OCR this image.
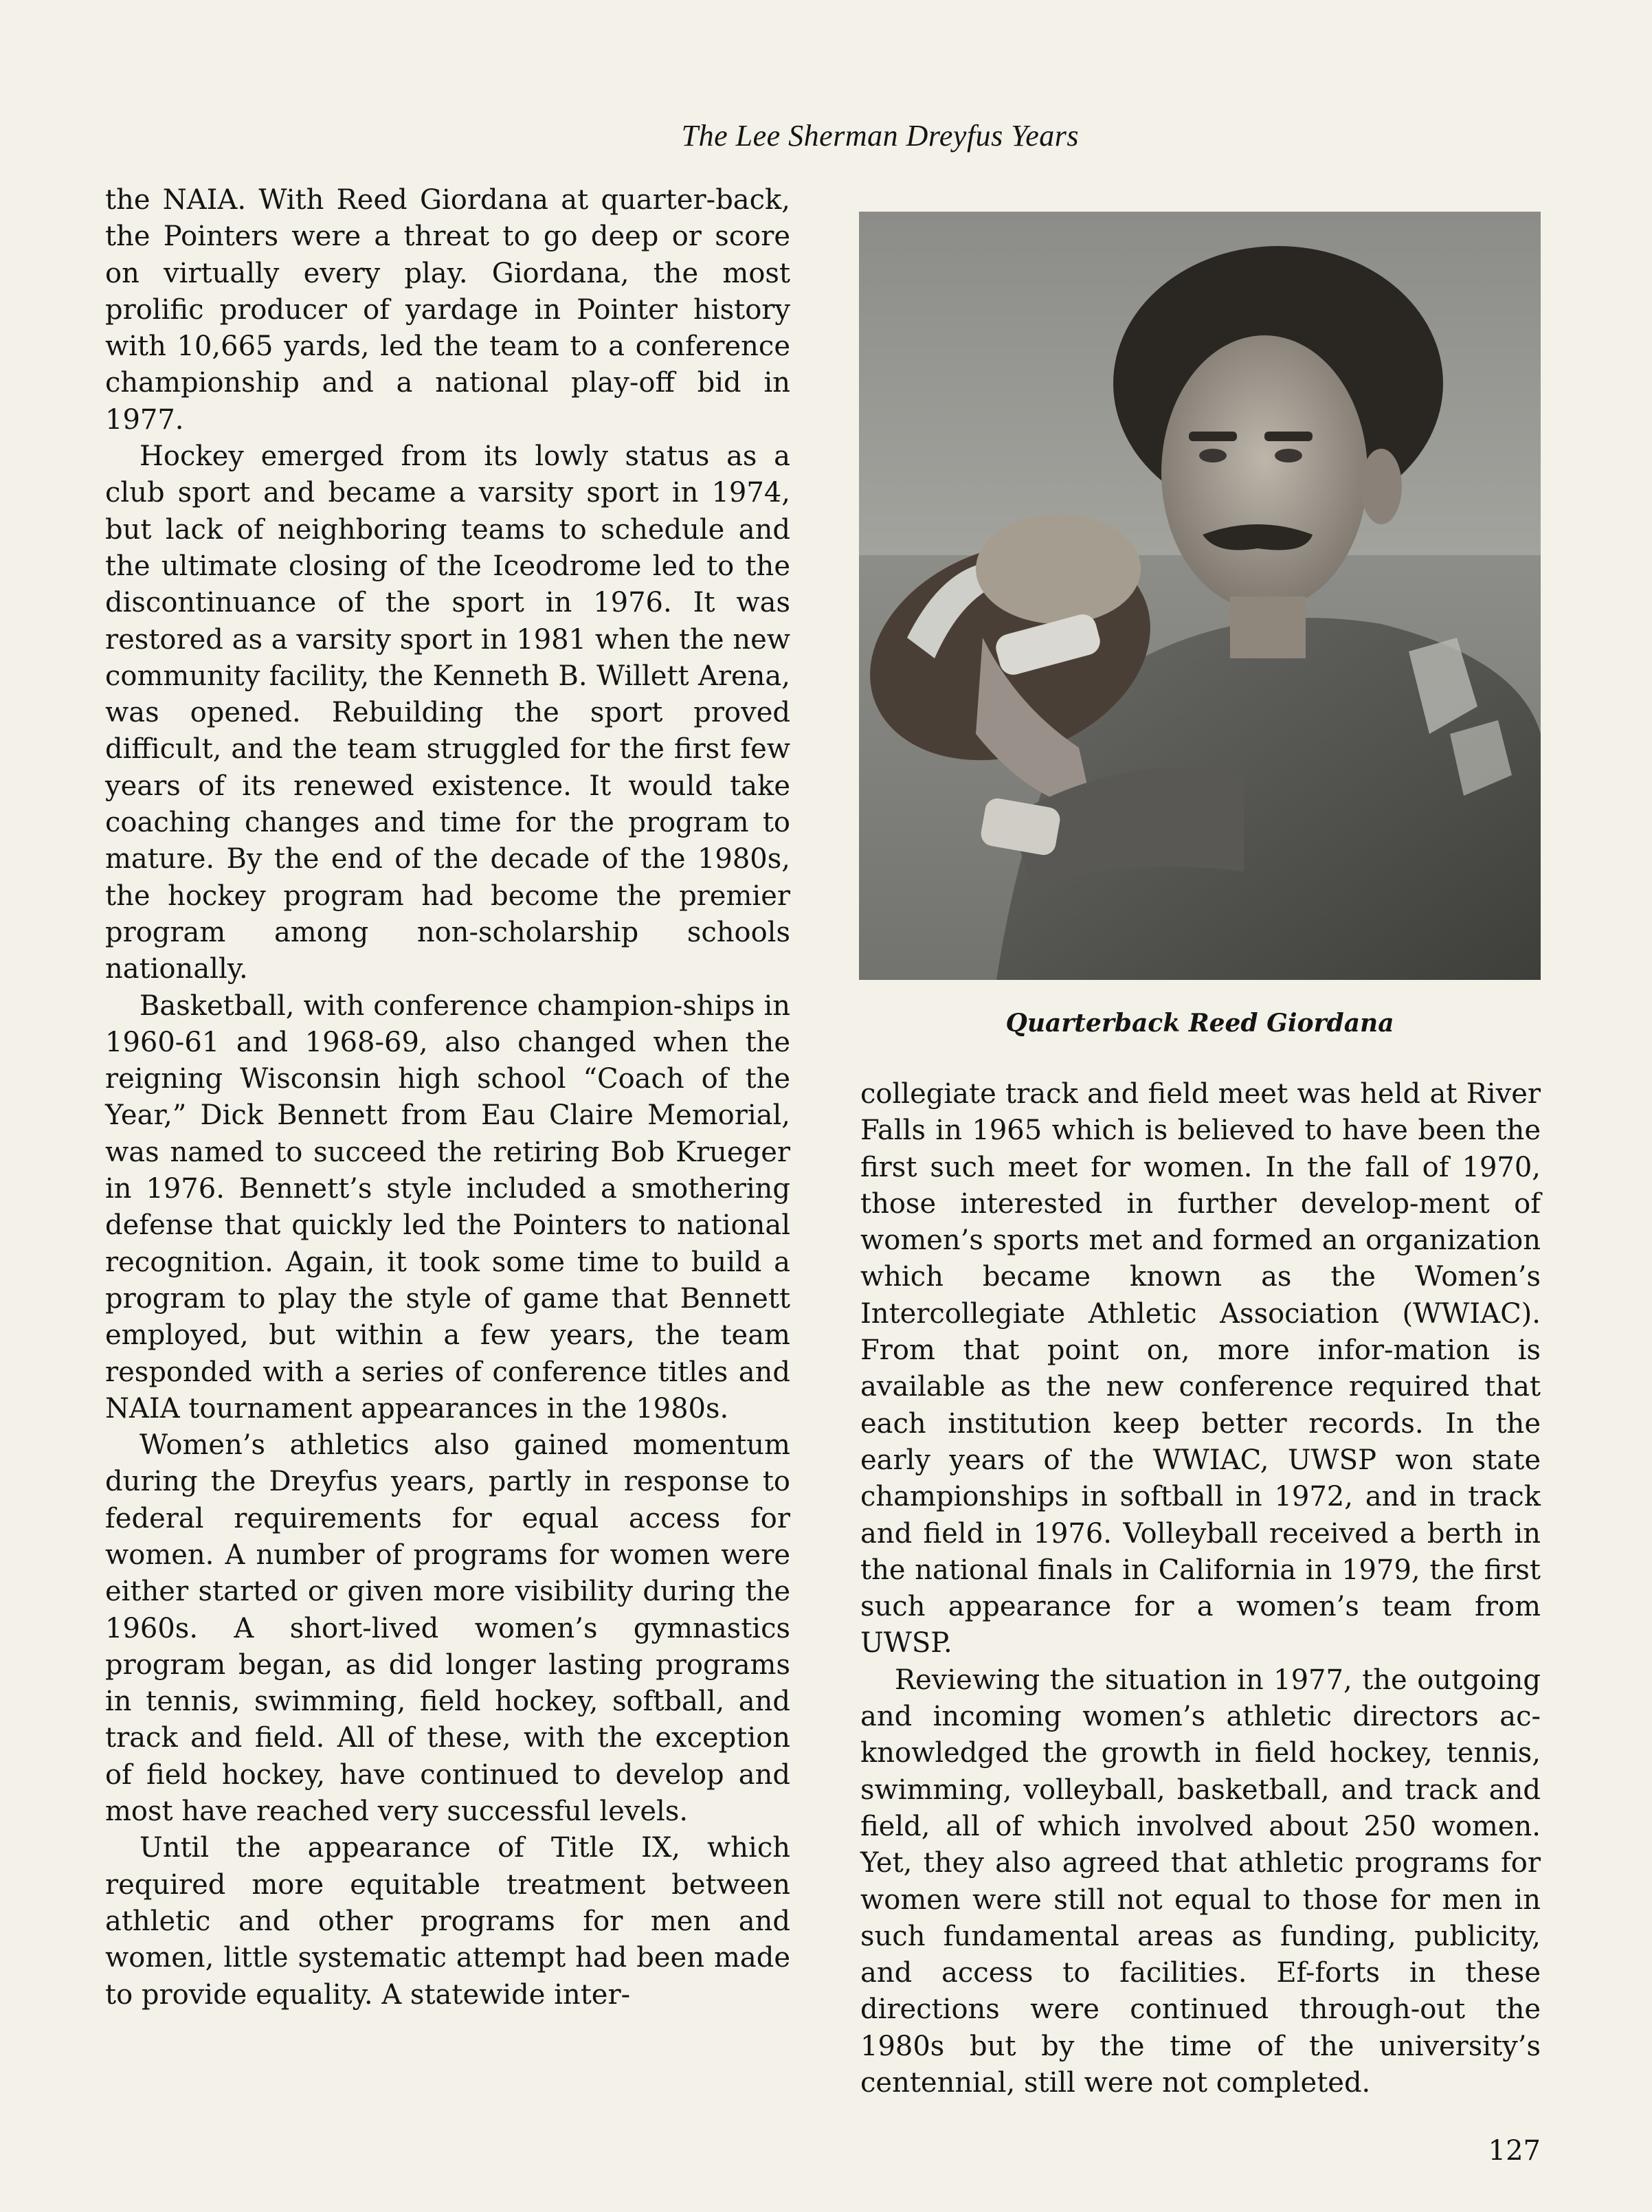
The Lee Sherman Dreyfus Years

the NAIA. With Reed Giordana at quarter-back, the Pointers were a threat to go deep or score on virtually every play. Giordana, the most prolific producer of yardage in Pointer history with 10,665 yards, led the team to a conference championship and a national play-off bid in 1977.

Hockey emerged from its lowly status as a club sport and became a varsity sport in 1974, but lack of neighboring teams to schedule and the ultimate closing of the Iceodrome led to the discontinuance of the sport in 1976. It was restored as a varsity sport in 1981 when the new community facility, the Kenneth B. Willett Arena, was opened. Rebuilding the sport proved difficult, and the team struggled for the first few years of its renewed existence. It would take coaching changes and time for the program to mature. By the end of the decade of the 1980s, the hockey program had become the premier program among non-scholarship schools nationally.

Basketball, with conference champion-ships in 1960-61 and 1968-69, also changed when the reigning Wisconsin high school “Coach of the Year,” Dick Bennett from Eau Claire Memorial, was named to succeed the retiring Bob Krueger in 1976. Bennett’s style included a smothering defense that quickly led the Pointers to national recognition. Again, it took some time to build a program to play the style of game that Bennett employed, but within a few years, the team responded with a series of conference titles and NAIA tournament appearances in the 1980s.

Women’s athletics also gained momentum during the Dreyfus years, partly in response to federal requirements for equal access for women. A number of programs for women were either started or given more visibility during the 1960s. A short-lived women’s gymnastics program began, as did longer lasting programs in tennis, swimming, field hockey, softball, and track and field. All of these, with the exception of field hockey, have continued to develop and most have reached very successful levels.

Until the appearance of Title IX, which required more equitable treatment between athletic and other programs for men and women, little systematic attempt had been made to provide equality. A statewide inter-

Quarterback Reed Giordana

collegiate track and field meet was held at River Falls in 1965 which is believed to have been the first such meet for women. In the fall of 1970, those interested in further develop-ment of women’s sports met and formed an organization which became known as the Women’s Intercollegiate Athletic Association (WWIAC). From that point on, more infor-mation is available as the new conference required that each institution keep better records. In the early years of the WWIAC, UWSP won state championships in softball in 1972, and in track and field in 1976. Volleyball received a berth in the national finals in California in 1979, the first such appearance for a women’s team from UWSP.

Reviewing the situation in 1977, the outgoing and incoming women’s athletic directors ac-knowledged the growth in field hockey, tennis, swimming, volleyball, basketball, and track and field, all of which involved about 250 women. Yet, they also agreed that athletic programs for women were still not equal to those for men in such fundamental areas as funding, publicity, and access to facilities. Ef-forts in these directions were continued through-out the 1980s but by the time of the university’s centennial, still were not completed.

127
